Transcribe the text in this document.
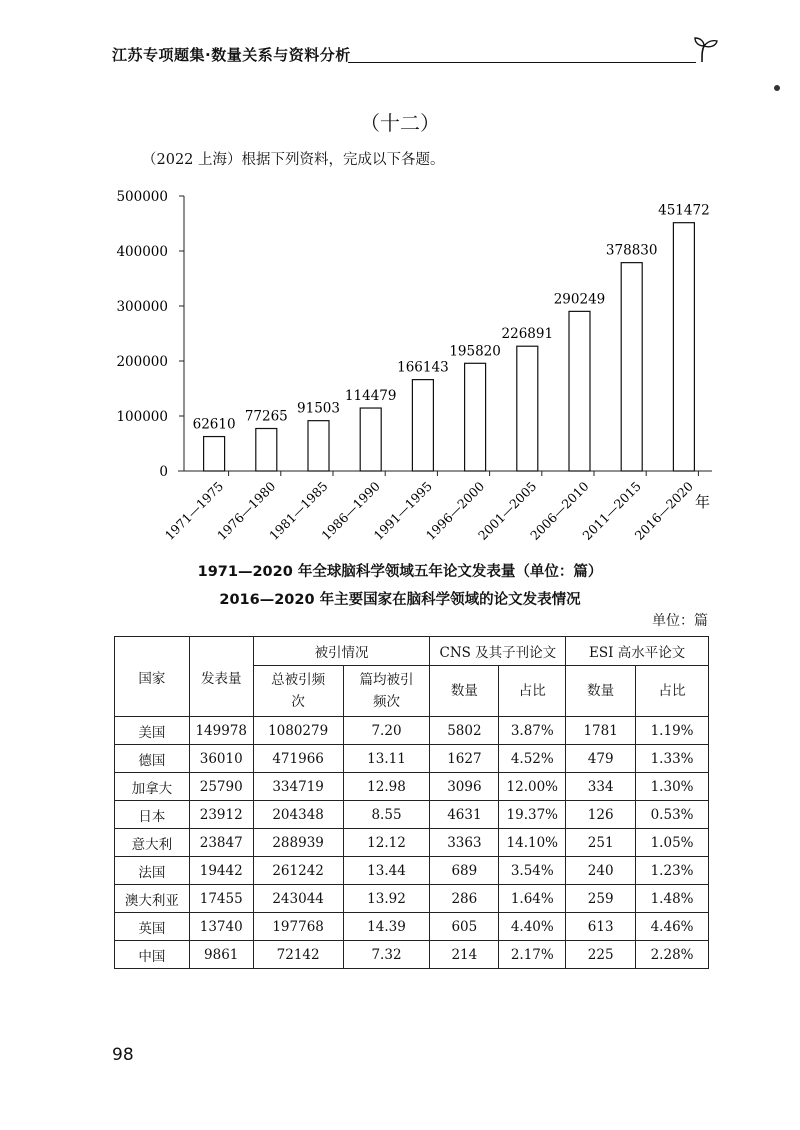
江苏专项题集·数量关系与资料分析
（十二）
（2022 上海）根据下列资料，完成以下各题。
0
100000
200000
300000
400000
500000
62610
1971—1975
77265
1976—1980
91503
1981—1985
114479
1986—1990
166143
1991—1995
195820
1996—2000
226891
2001—2005
290249
2006—2010
378830
2011—2015
451472
2016—2020
年
1971—2020 年全球脑科学领域五年论文发表量（单位：篇）
2016—2020 年主要国家在脑科学领域的论文发表情况
单位：篇
国家	发表量	被引情况		CNS 及其子刊论文		ESI 高水平论文	
		总被引频次	篇均被引频次	数量	占比	数量	占比
美国	149978	1080279	7.20	5802	3.87%	1781	1.19%
德国	36010	471966	13.11	1627	4.52%	479	1.33%
加拿大	25790	334719	12.98	3096	12.00%	334	1.30%
日本	23912	204348	8.55	4631	19.37%	126	0.53%
意大利	23847	288939	12.12	3363	14.10%	251	1.05%
法国	19442	261242	13.44	689	3.54%	240	1.23%
澳大利亚	17455	243044	13.92	286	1.64%	259	1.48%
英国	13740	197768	14.39	605	4.40%	613	4.46%
中国	9861	72142	7.32	214	2.17%	225	2.28%
98
